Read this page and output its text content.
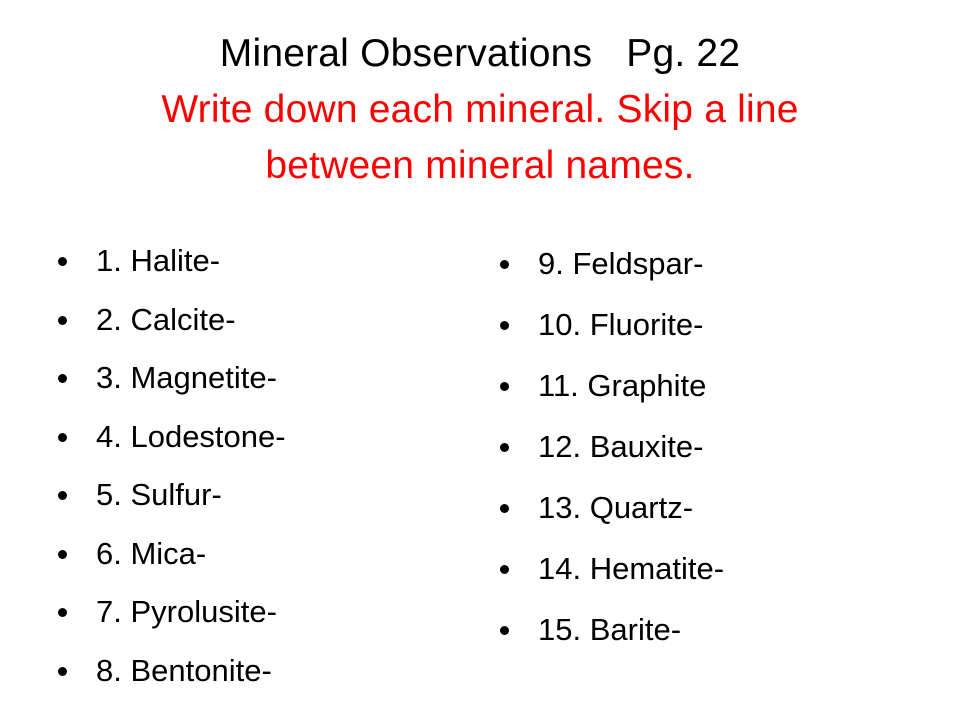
Mineral Observations Pg. 22
Write down each mineral. Skip a line
between mineral names.
1. Halite-
2. Calcite-
3. Magnetite-
4. Lodestone-
5. Sulfur-
6. Mica-
7. Pyrolusite-
8. Bentonite-
9. Feldspar-
10. Fluorite-
11. Graphite
12. Bauxite-
13. Quartz-
14. Hematite-
15. Barite-
